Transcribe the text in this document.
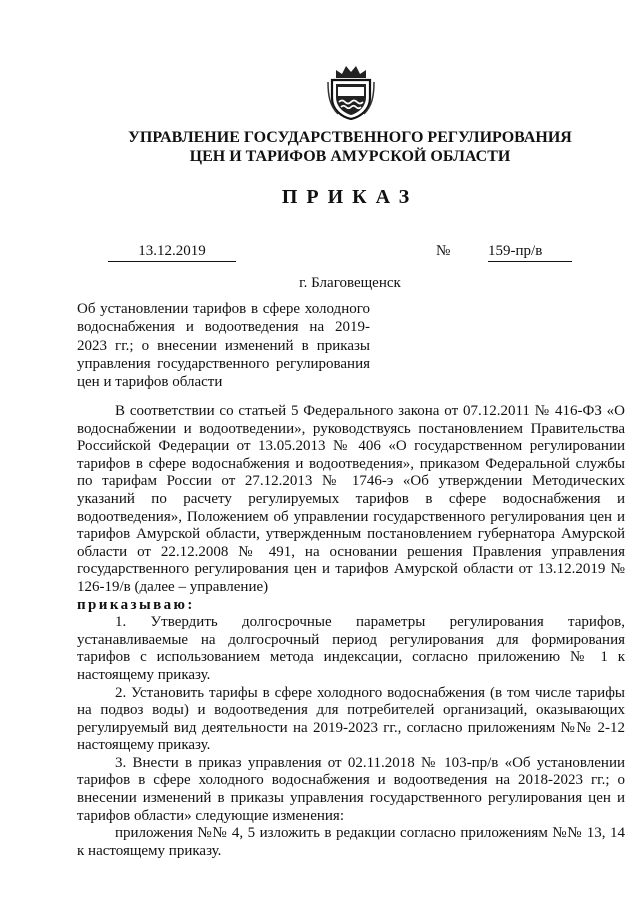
УПРАВЛЕНИЕ ГОСУДАРСТВЕННОГО РЕГУЛИРОВАНИЯ
ЦЕН И ТАРИФОВ АМУРСКОЙ ОБЛАСТИ
ПРИКАЗ
13.12.2019	№	159-пр/в
г. Благовещенск
Об установлении тарифов в сфере холодного водоснабжения и водоотведения на 2019-2023 гг.; о внесении изменений в приказы управления государственного регулирования цен и тарифов области

В соответствии со статьей 5 Федерального закона от 07.12.2011 № 416-ФЗ «О водоснабжении и водоотведении», руководствуясь постановлением Правительства Российской Федерации от 13.05.2013 № 406 «О государственном регулировании тарифов в сфере водоснабжения и водоотведения», приказом Федеральной службы по тарифам России от 27.12.2013 № 1746-э «Об утверждении Методических указаний по расчету регулируемых тарифов в сфере водоснабжения и водоотведения», Положением об управлении государственного регулирования цен и тарифов Амурской области, утвержденным постановлением губернатора Амурской области от 22.12.2008 № 491, на основании решения Правления управления государственного регулирования цен и тарифов Амурской области от 13.12.2019 № 126-19/в (далее – управление)

приказываю:

1. Утвердить долгосрочные параметры регулирования тарифов, устанавливаемые на долгосрочный период регулирования для формирования тарифов с использованием метода индексации, согласно приложению № 1 к настоящему приказу.

2. Установить тарифы в сфере холодного водоснабжения (в том числе тарифы на подвоз воды) и водоотведения для потребителей организаций, оказывающих регулируемый вид деятельности на 2019-2023 гг., согласно приложениям №№ 2-12 настоящему приказу.

3. Внести в приказ управления от 02.11.2018 № 103-пр/в «Об установлении тарифов в сфере холодного водоснабжения и водоотведения на 2018-2023 гг.; о внесении изменений в приказы управления государственного регулирования цен и тарифов области» следующие изменения:

приложения №№ 4, 5 изложить в редакции согласно приложениям №№ 13, 14 к настоящему приказу.
